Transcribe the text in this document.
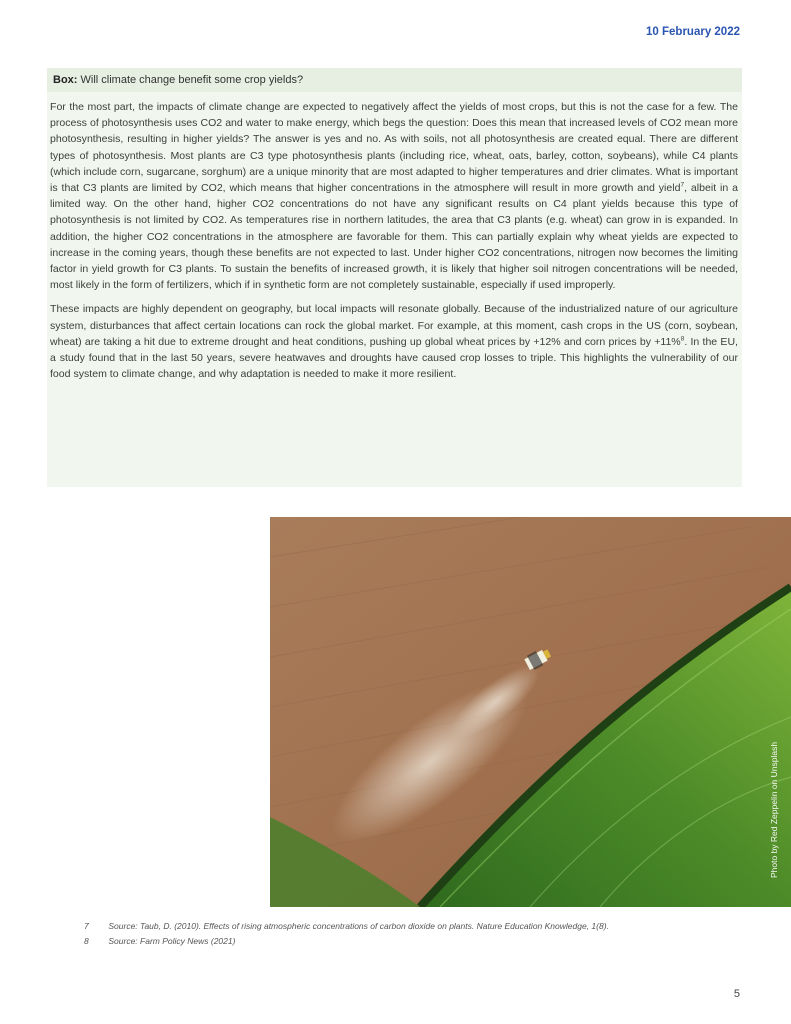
10 February 2022
Box: Will climate change benefit some crop yields?

For the most part, the impacts of climate change are expected to negatively affect the yields of most crops, but this is not the case for a few. The process of photosynthesis uses CO2 and water to make energy, which begs the question: Does this mean that increased levels of CO2 mean more photosynthesis, resulting in higher yields? The answer is yes and no. As with soils, not all photosynthesis are created equal. There are different types of photosynthesis. Most plants are C3 type photosynthesis plants (including rice, wheat, oats, barley, cotton, soybeans), while C4 plants (which include corn, sugarcane, sorghum) are a unique minority that are most adapted to higher temperatures and drier climates. What is important is that C3 plants are limited by CO2, which means that higher concentrations in the atmosphere will result in more growth and yield$^7$, albeit in a limited way. On the other hand, higher CO2 concentrations do not have any significant results on C4 plant yields because this type of photosynthesis is not limited by CO2. As temperatures rise in northern latitudes, the area that C3 plants (e.g. wheat) can grow in is expanded. In addition, the higher CO2 concentrations in the atmosphere are favorable for them. This can partially explain why wheat yields are expected to increase in the coming years, though these benefits are not expected to last. Under higher CO2 concentrations, nitrogen now becomes the limiting factor in yield growth for C3 plants. To sustain the benefits of increased growth, it is likely that higher soil nitrogen concentrations will be needed, most likely in the form of fertilizers, which if in synthetic form are not completely sustainable, especially if used improperly.

These impacts are highly dependent on geography, but local impacts will resonate globally. Because of the industrialized nature of our agriculture system, disturbances that affect certain locations can rock the global market. For example, at this moment, cash crops in the US (corn, soybean, wheat) are taking a hit due to extreme drought and heat conditions, pushing up global wheat prices by +12% and corn prices by +11%$^8$. In the EU, a study found that in the last 50 years, severe heatwaves and droughts have caused crop losses to triple. This highlights the vulnerability of our food system to climate change, and why adaptation is needed to make it more resilient.

Photo by Red Zeppelin on Unsplash
7 Source: Taub, D. (2010). Effects of rising atmospheric concentrations of carbon dioxide on plants. Nature Education Knowledge, 1(8).
8 Source: Farm Policy News (2021)
5
